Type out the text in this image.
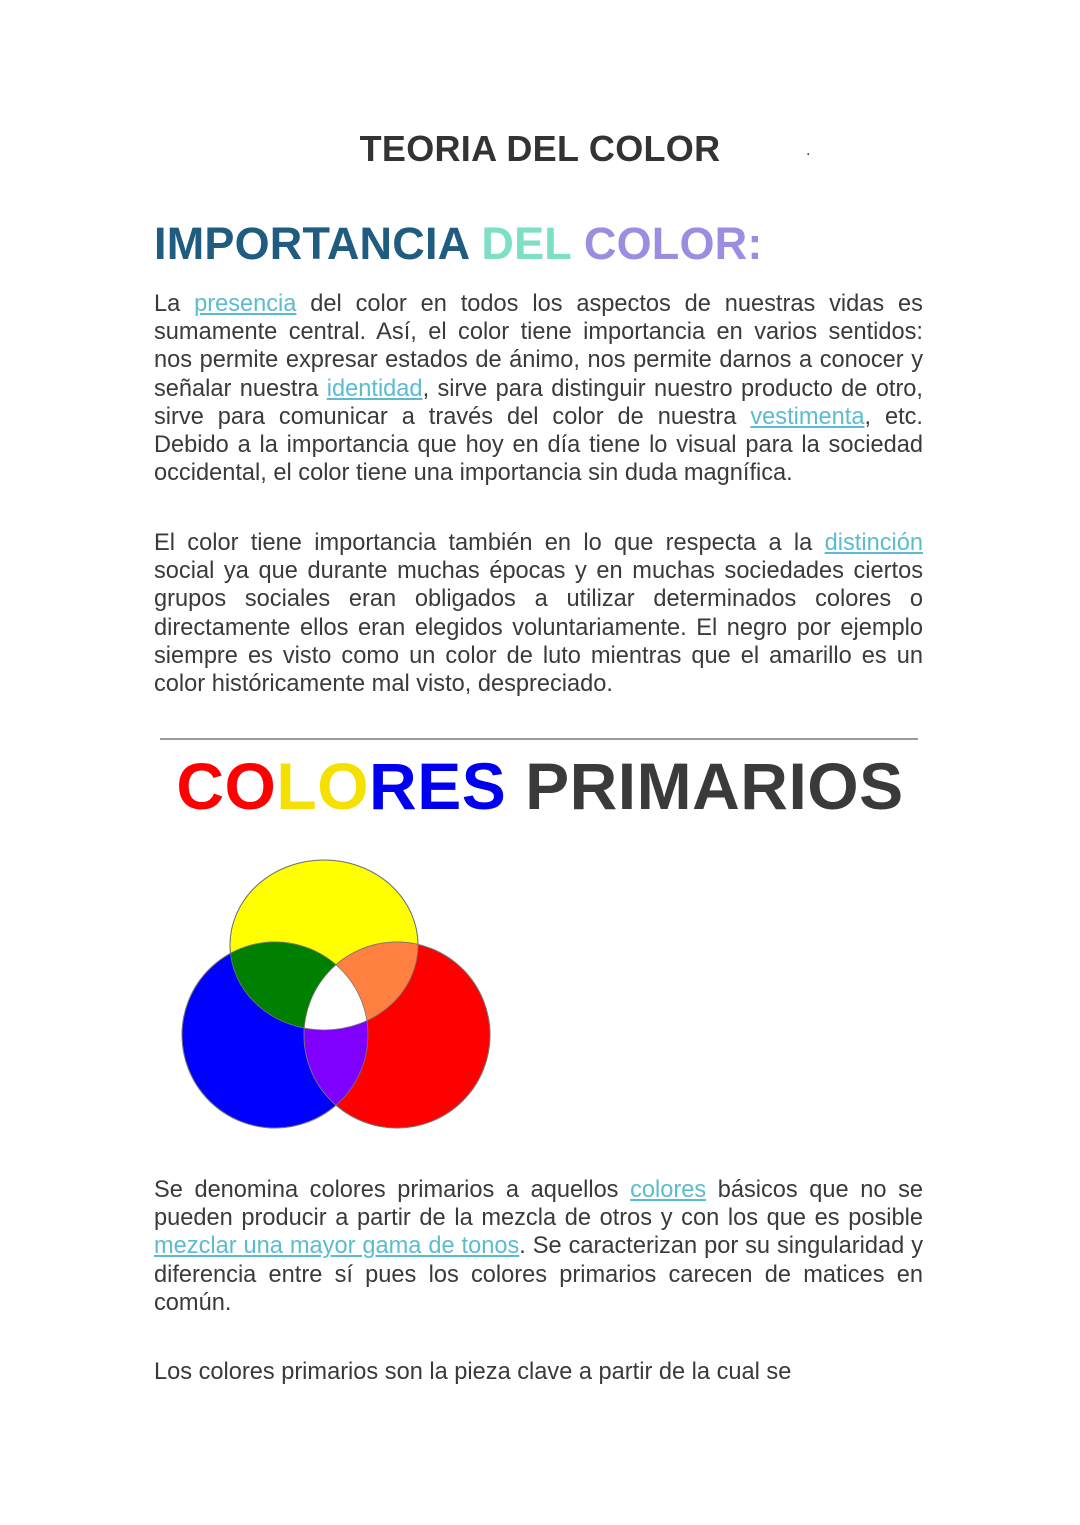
TEORIA DEL COLOR	.
IMPORTANCIA DEL COLOR:
La presencia del color en todos los aspectos de nuestras vidas es sumamente central. Así, el color tiene importancia en varios sentidos: nos permite expresar estados de ánimo, nos permite darnos a conocer y señalar nuestra identidad, sirve para distinguir nuestro producto de otro, sirve para comunicar a través del color de nuestra vestimenta, etc. Debido a la importancia que hoy en día tiene lo visual para la sociedad occidental, el color tiene una importancia sin duda magnífica.
El color tiene importancia también en lo que respecta a la distinción social ya que durante muchas épocas y en muchas sociedades ciertos grupos sociales eran obligados a utilizar determinados colores o directamente ellos eran elegidos voluntariamente. El negro por ejemplo siempre es visto como un color de luto mientras que el amarillo es un color históricamente mal visto, despreciado.
COLORES PRIMARIOS
Se denomina colores primarios a aquellos colores básicos que no se pueden producir a partir de la mezcla de otros y con los que es posible mezclar una mayor gama de tonos. Se caracterizan por su singularidad y diferencia entre sí pues los colores primarios carecen de matices en común.
Los colores primarios son la pieza clave a partir de la cual se
